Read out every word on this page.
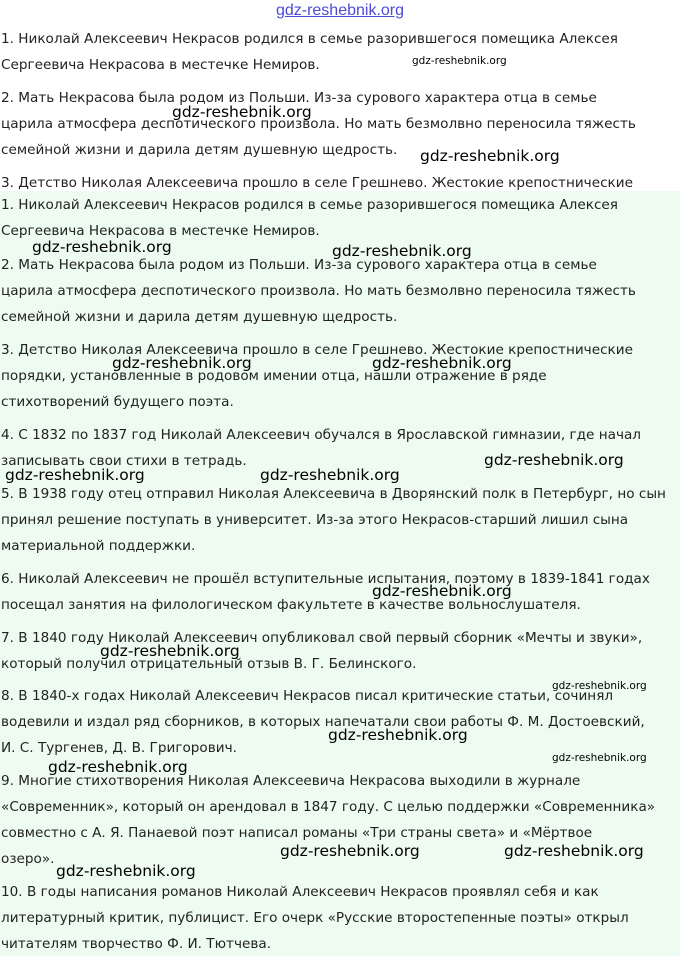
gdz-reshebnik.org
1. Николай Алексеевич Некрасов родился в семье разорившегося помещика Алексея
Сергеевича Некрасова в местечке Немиров.
2. Мать Некрасова была родом из Польши. Из-за сурового характера отца в семье
царила атмосфера деспотического произвола. Но мать безмолвно переносила тяжесть
семейной жизни и дарила детям душевную щедрость.
3. Детство Николая Алексеевича прошло в селе Грешнево. Жестокие крепостнические
1. Николай Алексеевич Некрасов родился в семье разорившегося помещика Алексея
Сергеевича Некрасова в местечке Немиров.
2. Мать Некрасова была родом из Польши. Из-за сурового характера отца в семье
царила атмосфера деспотического произвола. Но мать безмолвно переносила тяжесть
семейной жизни и дарила детям душевную щедрость.
3. Детство Николая Алексеевича прошло в селе Грешнево. Жестокие крепостнические
порядки, установленные в родовом имении отца, нашли отражение в ряде
стихотворений будущего поэта.
4. С 1832 по 1837 год Николай Алексеевич обучался в Ярославской гимназии, где начал
записывать свои стихи в тетрадь.
5. В 1938 году отец отправил Николая Алексеевича в Дворянский полк в Петербург, но сын
принял решение поступать в университет. Из-за этого Некрасов-старший лишил сына
материальной поддержки.
6. Николай Алексеевич не прошёл вступительные испытания, поэтому в 1839-1841 годах
посещал занятия на филологическом факультете в качестве вольнослушателя.
7. В 1840 году Николай Алексеевич опубликовал свой первый сборник «Мечты и звуки»,
который получил отрицательный отзыв В. Г. Белинского.
8. В 1840-х годах Николай Алексеевич Некрасов писал критические статьи, сочинял
водевили и издал ряд сборников, в которых напечатали свои работы Ф. М. Достоевский,
И. С. Тургенев, Д. В. Григорович.
9. Многие стихотворения Николая Алексеевича Некрасова выходили в журнале
«Современник», который он арендовал в 1847 году. С целью поддержки «Современника»
совместно с А. Я. Панаевой поэт написал романы «Три страны света» и «Мёртвое
озеро».
10. В годы написания романов Николай Алексеевич Некрасов проявлял себя и как
литературный критик, публицист. Его очерк «Русские второстепенные поэты» открыл
читателям творчество Ф. И. Тютчева.

gdz-reshebnik.org

gdz-reshebnik.org

gdz-reshebnik.org

gdz-reshebnik.org	gdz-reshebnik.org

gdz-reshebnik.org	gdz-reshebnik.org

gdz-reshebnik.org

gdz-reshebnik.org	gdz-reshebnik.org

gdz-reshebnik.org

gdz-reshebnik.org

gdz-reshebnik.org

gdz-reshebnik.org

gdz-reshebnik.org

gdz-reshebnik.org

gdz-reshebnik.org	gdz-reshebnik.org

gdz-reshebnik.org
